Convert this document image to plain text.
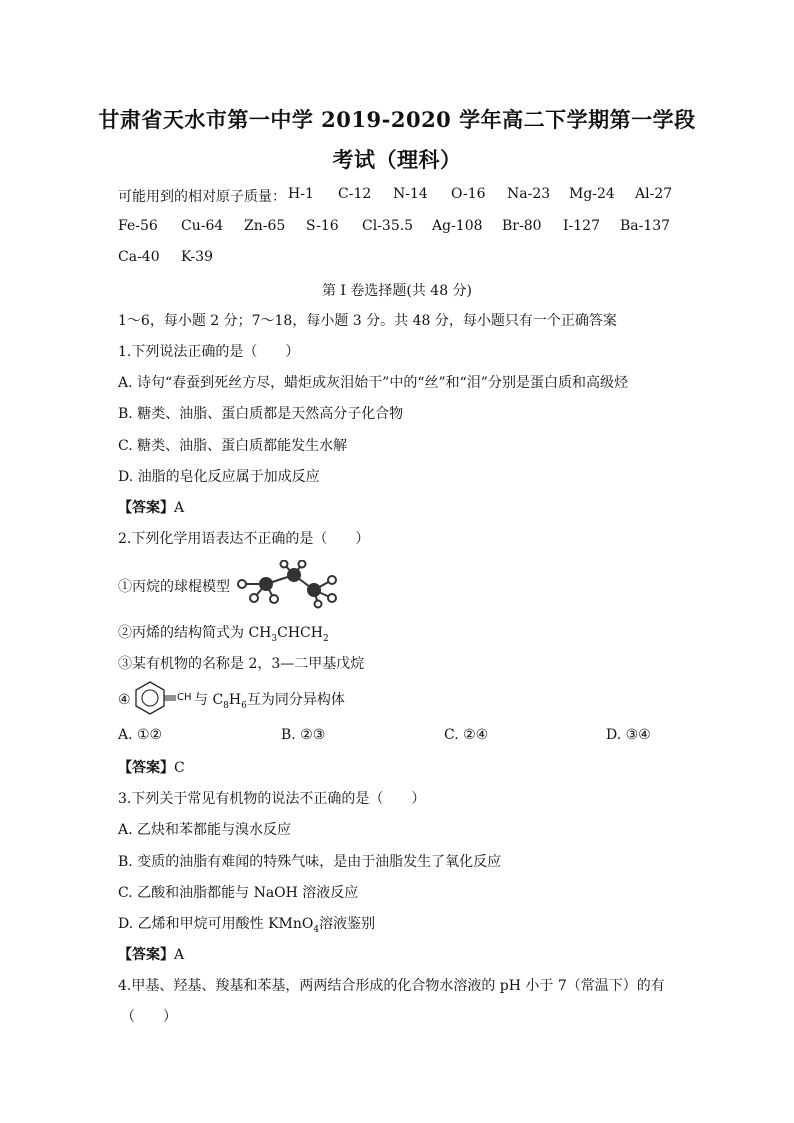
甘肃省天水市第一中学 2019-2020 学年高二下学期第一学段
考试（理科）
可能用到的相对原子质量： H-1 C-12 N-14 O-16 Na-23 Mg-24 Al-27
Fe-56 Cu-64 Zn-65 S-16 Cl-35.5 Ag-108 Br-80 I-127 Ba-137
Ca-40 K-39
第 I 卷选择题(共 48 分)
1～6，每小题 2 分；7～18，每小题 3 分。共 48 分，每小题只有一个正确答案
1.下列说法正确的是（　　）
A. 诗句“春蚕到死丝方尽，蜡炬成灰泪始干”中的“丝”和“泪”分别是蛋白质和高级烃
B. 糖类、油脂、蛋白质都是天然高分子化合物
C. 糖类、油脂、蛋白质都能发生水解
D. 油脂的皂化反应属于加成反应
【答案】A
2.下列化学用语表达不正确的是（　　）
①丙烷的球棍模型
②丙烯的结构简式为 $CH_3CHCH_2$
③某有机物的名称是 2，3—二甲基戊烷
④	CH 与 $C_8H_6$互为同分异构体
A. ①②	B. ②③	C. ②④	D. ③④
【答案】C
3.下列关于常见有机物的说法不正确的是（　　）
A. 乙炔和苯都能与溴水反应
B. 变质的油脂有难闻的特殊气味，是由于油脂发生了氧化反应
C. 乙酸和油脂都能与 NaOH 溶液反应
D. 乙烯和甲烷可用酸性 KMnO$_4$溶液鉴别
【答案】A
4.甲基、羟基、羧基和苯基，两两结合形成的化合物水溶液的 pH 小于 7（常温下）的有
（　　）
